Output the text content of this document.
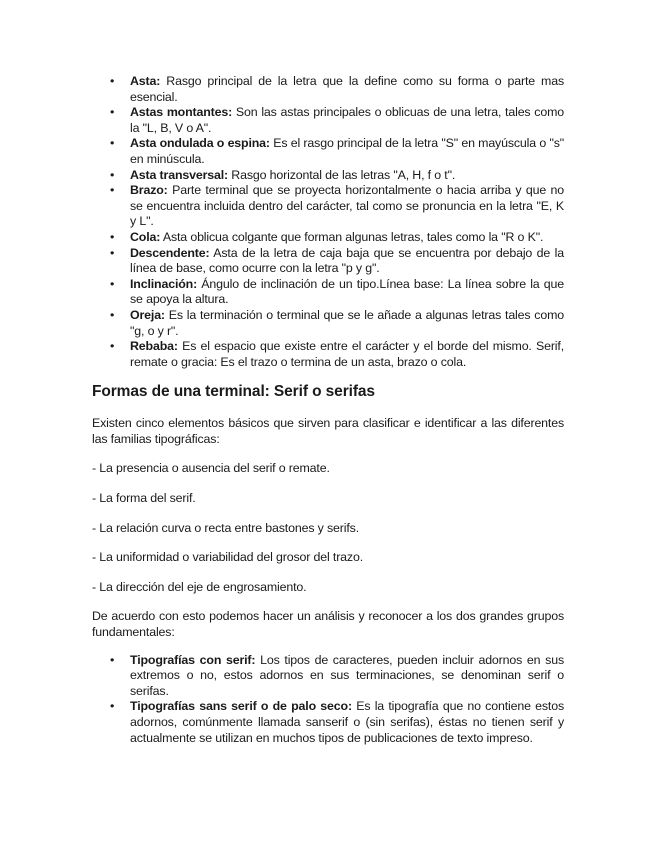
• Asta: Rasgo principal de la letra que la define como su forma o parte mas esencial.
• Astas montantes: Son las astas principales o oblicuas de una letra, tales como la "L, B, V o A".
• Asta ondulada o espina: Es el rasgo principal de la letra "S" en mayúscula o "s" en minúscula.
• Asta transversal: Rasgo horizontal de las letras "A, H, f o t".
• Brazo: Parte terminal que se proyecta horizontalmente o hacia arriba y que no se encuentra incluida dentro del carácter, tal como se pronuncia en la letra "E, K y L".
• Cola: Asta oblicua colgante que forman algunas letras, tales como la "R o K".
• Descendente: Asta de la letra de caja baja que se encuentra por debajo de la línea de base, como ocurre con la letra "p y g".
• Inclinación: Ángulo de inclinación de un tipo.Línea base: La línea sobre la que se apoya la altura.
• Oreja: Es la terminación o terminal que se le añade a algunas letras tales como "g, o y r".
• Rebaba: Es el espacio que existe entre el carácter y el borde del mismo. Serif, remate o gracia: Es el trazo o termina de un asta, brazo o cola.
Formas de una terminal: Serif o serifas

Existen cinco elementos básicos que sirven para clasificar e identificar a las diferentes las familias tipográficas:

- La presencia o ausencia del serif o remate.

- La forma del serif.

- La relación curva o recta entre bastones y serifs.

- La uniformidad o variabilidad del grosor del trazo.

- La dirección del eje de engrosamiento.

De acuerdo con esto podemos hacer un análisis y reconocer a los dos grandes grupos fundamentales:

• Tipografías con serif: Los tipos de caracteres, pueden incluir adornos en sus extremos o no, estos adornos en sus terminaciones, se denominan serif o serifas.
• Tipografías sans serif o de palo seco: Es la tipografía que no contiene estos adornos, comúnmente llamada sanserif o (sin serifas), éstas no tienen serif y actualmente se utilizan en muchos tipos de publicaciones de texto impreso.
